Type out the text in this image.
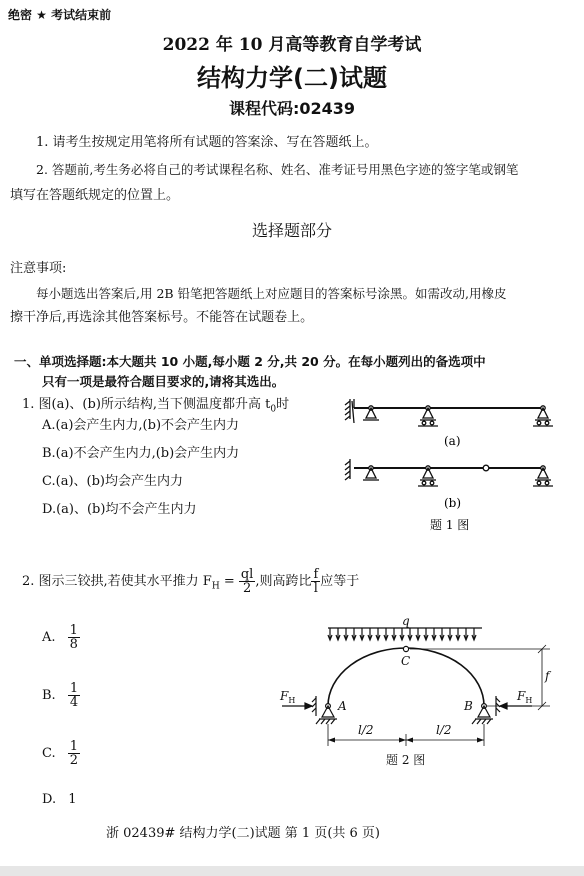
绝密 ★ 考试结束前
2022 年 10 月高等教育自学考试
结构力学(二)试题
课程代码:02439
1. 请考生按规定用笔将所有试题的答案涂、写在答题纸上。
2. 答题前,考生务必将自己的考试课程名称、姓名、准考证号用黑色字迹的签字笔或钢笔
填写在答题纸规定的位置上。
选择题部分
注意事项:
每小题选出答案后,用 2B 铅笔把答题纸上对应题目的答案标号涂黑。如需改动,用橡皮
擦干净后,再选涂其他答案标号。不能答在试题卷上。
一、单项选择题:本大题共 10 小题,每小题 2 分,共 20 分。在每小题列出的备选项中
只有一项是最符合题目要求的,请将其选出。
1. 图(a)、(b)所示结构,当下侧温度都升高 $t_0$时
A.(a)会产生内力,(b)不会产生内力
B.(a)不会产生内力,(b)会产生内力
C.(a)、(b)均会产生内力
D.(a)、(b)均不会产生内力
(a)
(b)
题 1 图
2. 图示三铰拱,若使其水平推力 $F_H = \frac{ql}{2}$ ,则高跨比 $\frac{f}{l}$ 应等于
A. $\frac{1}{8}$
B. $\frac{1}{4}$
C. $\frac{1}{2}$
D. 1
q
C
A	B
$F_H$	$F_H$
f
l/2	l/2
题 2 图
浙 02439# 结构力学(二)试题 第 1 页(共 6 页)
